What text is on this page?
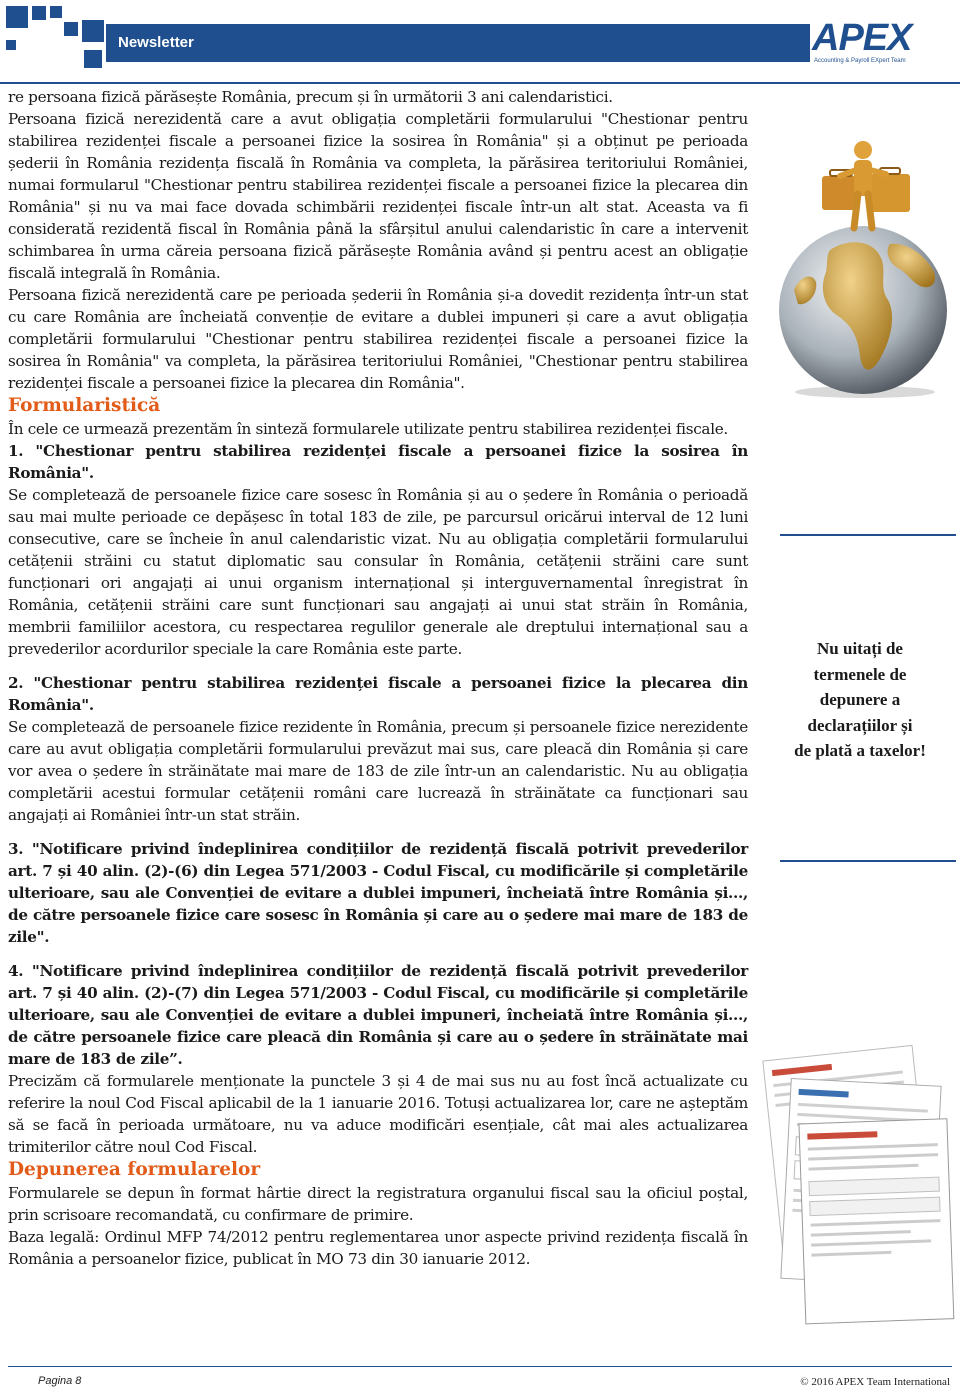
Newsletter	APEX
Accounting & Payroll EXpert Team

re persoana fizică părăsește România, precum și în următorii 3 ani calendaristici.

Persoana fizică nerezidentă care a avut obligația completării formularului "Chestionar pentru stabilirea rezidenței fiscale a persoanei fizice la sosirea în România" și a obținut pe perioada șederii în România rezidența fiscală în România va completa, la părăsirea teritoriului României, numai formularul "Chestionar pentru stabilirea rezidenței fiscale a persoanei fizice la plecarea din România" și nu va mai face dovada schimbării rezidenței fiscale într-un alt stat. Aceasta va fi considerată rezidentă fiscal în România până la sfârșitul anului calendaristic în care a intervenit schimbarea în urma căreia persoana fizică părăsește România având și pentru acest an obligație fiscală integrală în România.

Persoana fizică nerezidentă care pe perioada șederii în România și-a dovedit rezidența într-un stat cu care România are încheiată convenție de evitare a dublei impuneri și care a avut obligația completării formularului "Chestionar pentru stabilirea rezidenței fiscale a persoanei fizice la sosirea în România" va completa, la părăsirea teritoriului României, "Chestionar pentru stabilirea rezidenței fiscale a persoanei fizice la plecarea din România".

Formularistică

În cele ce urmează prezentăm în sinteză formularele utilizate pentru stabilirea rezidenței fiscale.

1. "Chestionar pentru stabilirea rezidenței fiscale a persoanei fizice la sosirea în România".

Se completează de persoanele fizice care sosesc în România și au o ședere în România o perioadă sau mai multe perioade ce depășesc în total 183 de zile, pe parcursul oricărui interval de 12 luni consecutive, care se încheie în anul calendaristic vizat. Nu au obligația completării formularului cetățenii străini cu statut diplomatic sau consular în România, cetățenii străini care sunt funcționari ori angajați ai unui organism internațional și interguvernamental înregistrat în România, cetățenii străini care sunt funcționari sau angajați ai unui stat străin în România, membrii familiilor acestora, cu respectarea regulilor generale ale dreptului internațional sau a prevederilor acordurilor speciale la care România este parte.

2. "Chestionar pentru stabilirea rezidenței fiscale a persoanei fizice la plecarea din România".

Se completează de persoanele fizice rezidente în România, precum și persoanele fizice nerezidente care au avut obligația completării formularului prevăzut mai sus, care pleacă din România și care vor avea o ședere în străinătate mai mare de 183 de zile într-un an calendaristic. Nu au obligația completării acestui formular cetățenii români care lucrează în străinătate ca funcționari sau angajați ai României într-un stat străin.

3. "Notificare privind îndeplinirea condițiilor de rezidență fiscală potrivit prevederilor art. 7 și 40 alin. (2)-(6) din Legea 571/2003 - Codul Fiscal, cu modificările și completările ulterioare, sau ale Convenției de evitare a dublei impuneri, încheiată între România și..., de către persoanele fizice care sosesc în România și care au o ședere mai mare de 183 de zile".

4. "Notificare privind îndeplinirea condițiilor de rezidență fiscală potrivit prevederilor art. 7 și 40 alin. (2)-(7) din Legea 571/2003 - Codul Fiscal, cu modificările și completările ulterioare, sau ale Convenției de evitare a dublei impuneri, încheiată între România și..., de către persoanele fizice care pleacă din România și care au o ședere în străinătate mai mare de 183 de zile”.

Precizăm că formularele menționate la punctele 3 și 4 de mai sus nu au fost încă actualizate cu referire la noul Cod Fiscal aplicabil de la 1 ianuarie 2016. Totuși actualizarea lor, care ne așteptăm să se facă în perioada următoare, nu va aduce modificări esențiale, cât mai ales actualizarea trimiterilor către noul Cod Fiscal.

Depunerea formularelor

Formularele se depun în format hârtie direct la registratura organului fiscal sau la oficiul poștal, prin scrisoare recomandată, cu confirmare de primire.

Baza legală: Ordinul MFP 74/2012 pentru reglementarea unor aspecte privind rezidența fiscală în România a persoanelor fizice, publicat în MO 73 din 30 ianuarie 2012.

Nu uitați de
termenele de
depunere a
declarațiilor și
de plată a taxelor!
Pagina 8	© 2016 APEX Team International
